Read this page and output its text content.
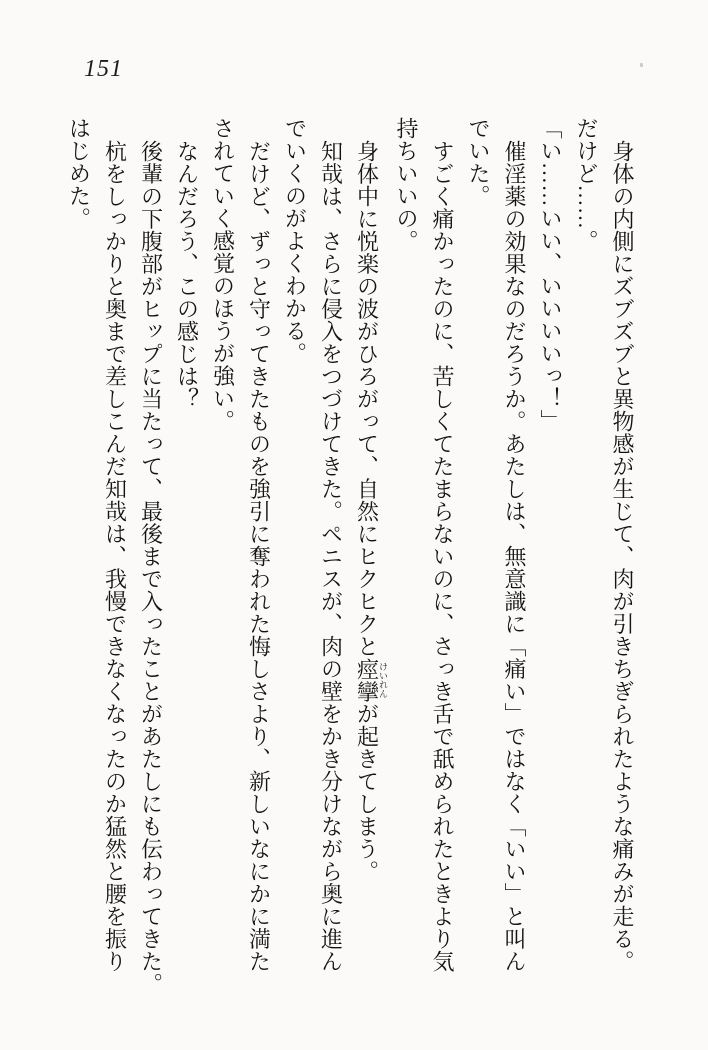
151

身体の内側にズブズブと異物感が生じて、肉が引きちぎられたような痛みが走る。

だけど……。

「い……いい、いいいいっ！」

催淫薬の効果なのだろうか。あたしは、無意識に「痛い」ではなく「いい」と叫ん

でいた。

すごく痛かったのに、苦しくてたまらないのに、さっき舌で舐められたときより気

持ちいいの。

身体中に悦楽の波がひろがって、自然にヒクヒクと痙攣けいれんが起きてしまう。

知哉は、さらに侵入をつづけてきた。ペニスが、肉の壁をかき分けながら奥に進ん

でいくのがよくわかる。

だけど、ずっと守ってきたものを強引に奪われた悔しさより、新しいなにかに満た

されていく感覚のほうが強い。

なんだろう、この感じは？

後輩の下腹部がヒップに当たって、最後まで入ったことがあたしにも伝わってきた。

杭をしっかりと奥まで差しこんだ知哉は、我慢できなくなったのか猛然と腰を振り

はじめた。
